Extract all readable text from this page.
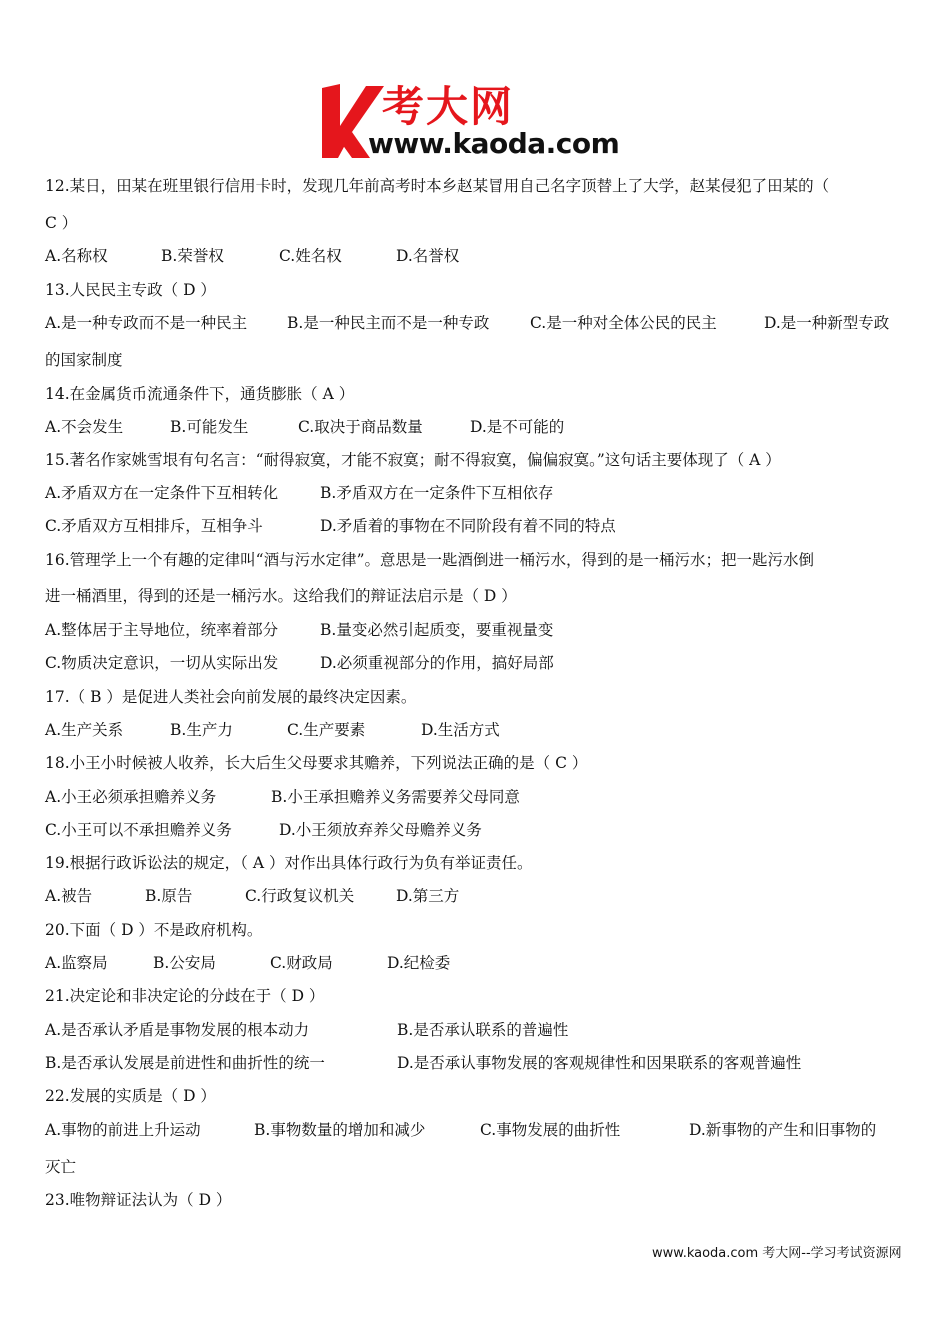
考大网
www.kaoda.com
12.某日，田某在班里银行信用卡时，发现几年前高考时本乡赵某冒用自己名字顶替上了大学，赵某侵犯了田某的（
C ）
A.名称权	B.荣誉权	C.姓名权	D.名誉权
13.人民民主专政（ D ）
A.是一种专政而不是一种民主	B.是一种民主而不是一种专政	C.是一种对全体公民的民主	D.是一种新型专政
的国家制度
14.在金属货币流通条件下，通货膨胀（ A ）
A.不会发生	B.可能发生	C.取决于商品数量	D.是不可能的
15.著名作家姚雪垠有句名言：“耐得寂寞，才能不寂寞；耐不得寂寞，偏偏寂寞。”这句话主要体现了（ A ）
A.矛盾双方在一定条件下互相转化	B.矛盾双方在一定条件下互相依存
C.矛盾双方互相排斥，互相争斗	D.矛盾着的事物在不同阶段有着不同的特点
16.管理学上一个有趣的定律叫“酒与污水定律”。意思是一匙酒倒进一桶污水，得到的是一桶污水；把一匙污水倒
进一桶酒里，得到的还是一桶污水。这给我们的辩证法启示是（ D ）
A.整体居于主导地位，统率着部分	B.量变必然引起质变，要重视量变
C.物质决定意识，一切从实际出发	D.必须重视部分的作用，搞好局部
17.（ B ）是促进人类社会向前发展的最终决定因素。
A.生产关系	B.生产力	C.生产要素	D.生活方式
18.小王小时候被人收养，长大后生父母要求其赡养，下列说法正确的是（ C ）
A.小王必须承担赡养义务	B.小王承担赡养义务需要养父母同意
C.小王可以不承担赡养义务	D.小王须放弃养父母赡养义务
19.根据行政诉讼法的规定，（ A ）对作出具体行政行为负有举证责任。
A.被告	B.原告	C.行政复议机关	D.第三方
20.下面（ D ）不是政府机构。
A.监察局	B.公安局	C.财政局	D.纪检委
21.决定论和非决定论的分歧在于（ D ）
A.是否承认矛盾是事物发展的根本动力	B.是否承认联系的普遍性
B.是否承认发展是前进性和曲折性的统一	D.是否承认事物发展的客观规律性和因果联系的客观普遍性
22.发展的实质是（ D ）
A.事物的前进上升运动	B.事物数量的增加和减少	C.事物发展的曲折性	D.新事物的产生和旧事物的
灭亡
23.唯物辩证法认为（ D ）
www.kaoda.com 考大网--学习考试资源网
